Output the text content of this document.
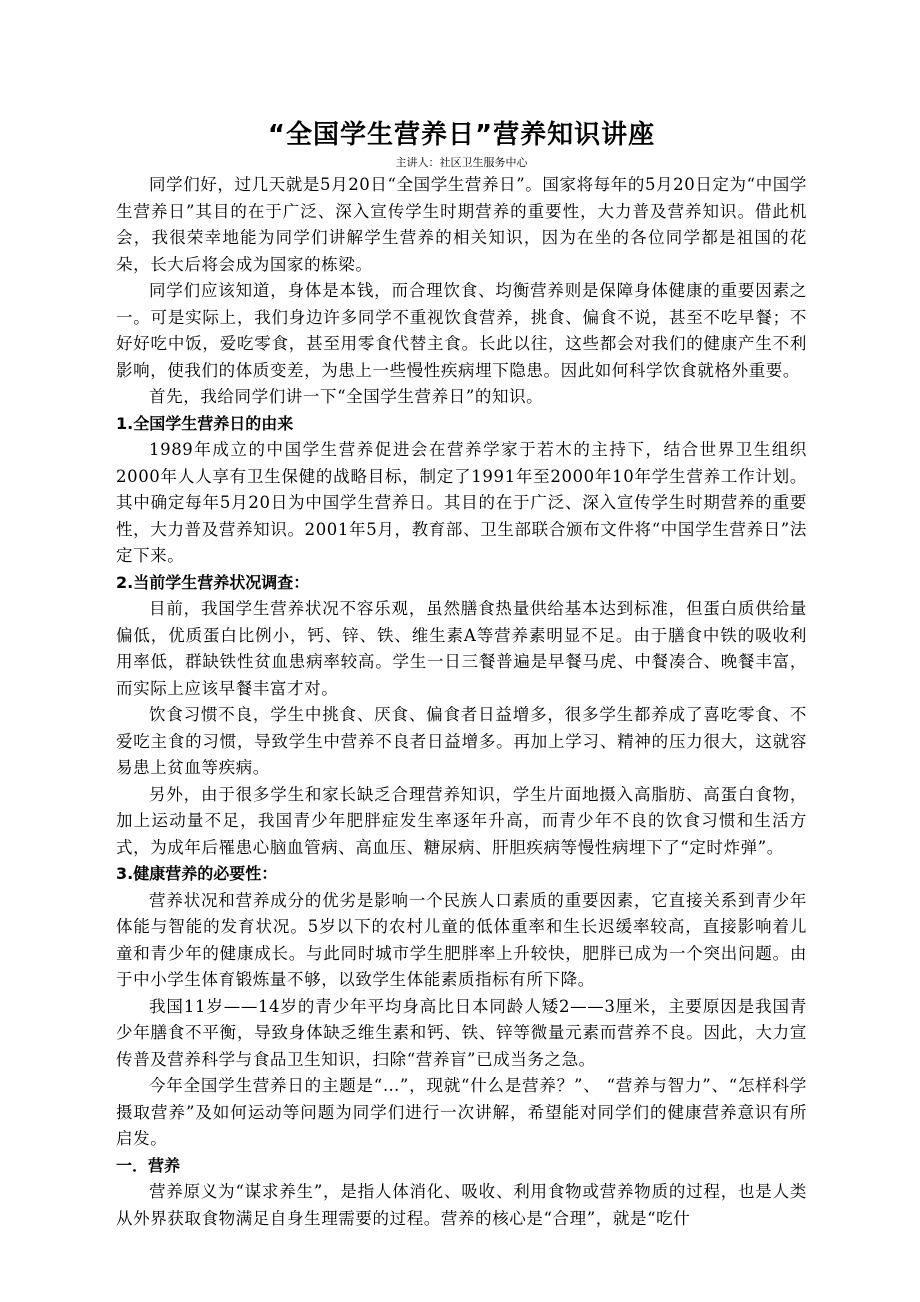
“全国学生营养日”营养知识讲座

主讲人：社区卫生服务中心

同学们好，过几天就是5月20日“全国学生营养日”。国家将每年的5月20日定为“中国学生营养日”其目的在于广泛、深入宣传学生时期营养的重要性，大力普及营养知识。借此机会，我很荣幸地能为同学们讲解学生营养的相关知识，因为在坐的各位同学都是祖国的花朵，长大后将会成为国家的栋梁。

同学们应该知道，身体是本钱，而合理饮食、均衡营养则是保障身体健康的重要因素之 一。可是实际上，我们身边许多同学不重视饮食营养，挑食、偏食不说，甚至不吃早餐；不好好吃中饭，爱吃零食，甚至用零食代替主食。长此以往，这些都会对我们的健康产生不利影响，使我们的体质变差，为患上一些慢性疾病埋下隐患。因此如何科学饮食就格外重要。

首先，我给同学们讲一下“全国学生营养日”的知识。

1.全国学生营养日的由来

1989年成立的中国学生营养促进会在营养学家于若木的主持下，结合世界卫生组织2000年人人享有卫生保健的战略目标，制定了1991年至2000年10年学生营养工作计划。其中确定每年5月20日为中国学生营养日。其目的在于广泛、深入宣传学生时期营养的重要性，大力普及营养知识。2001年5月，教育部、卫生部联合颁布文件将“中国学生营养日”法定下来。

2.当前学生营养状况调查：

目前，我国学生营养状况不容乐观，虽然膳食热量供给基本达到标准，但蛋白质供给量偏低，优质蛋白比例小，钙、锌、铁、维生素A等营养素明显不足。由于膳食中铁的吸收利用率低，群缺铁性贫血患病率较高。学生一日三餐普遍是早餐马虎、中餐凑合、晚餐丰富，而实际上应该早餐丰富才对。

饮食习惯不良，学生中挑食、厌食、偏食者日益增多，很多学生都养成了喜吃零食、不爱吃主食的习惯，导致学生中营养不良者日益增多。再加上学习、精神的压力很大，这就容易患上贫血等疾病。

另外，由于很多学生和家长缺乏合理营养知识，学生片面地摄入高脂肪、高蛋白食物，加上运动量不足，我国青少年肥胖症发生率逐年升高，而青少年不良的饮食习惯和生活方式，为成年后罹患心脑血管病、高血压、糖尿病、肝胆疾病等慢性病埋下了“定时炸弹”。

3.健康营养的必要性：

营养状况和营养成分的优劣是影响一个民族人口素质的重要因素，它直接关系到青少年体能与智能的发育状况。5岁以下的农村儿童的低体重率和生长迟缓率较高，直接影响着儿童和青少年的健康成长。与此同时城市学生肥胖率上升较快，肥胖已成为一个突出问题。由于中小学生体育锻炼量不够，以致学生体能素质指标有所下降。

我国11岁——14岁的青少年平均身高比日本同龄人矮2——3厘米，主要原因是我国青少年膳食不平衡，导致身体缺乏维生素和钙、铁、锌等微量元素而营养不良。因此，大力宣传普及营养科学与食品卫生知识，扫除“营养盲”已成当务之急。

今年全国学生营养日的主题是“…”，现就“什么是营养？”、 “营养与智力”、“怎样科学摄取营养”及如何运动等问题为同学们进行一次讲解，希望能对同学们的健康营养意识有所启发。

一．营养

营养原义为“谋求养生”，是指人体消化、吸收、利用食物或营养物质的过程，也是人类从外界获取食物满足自身生理需要的过程。营养的核心是“合理”，就是“吃什
